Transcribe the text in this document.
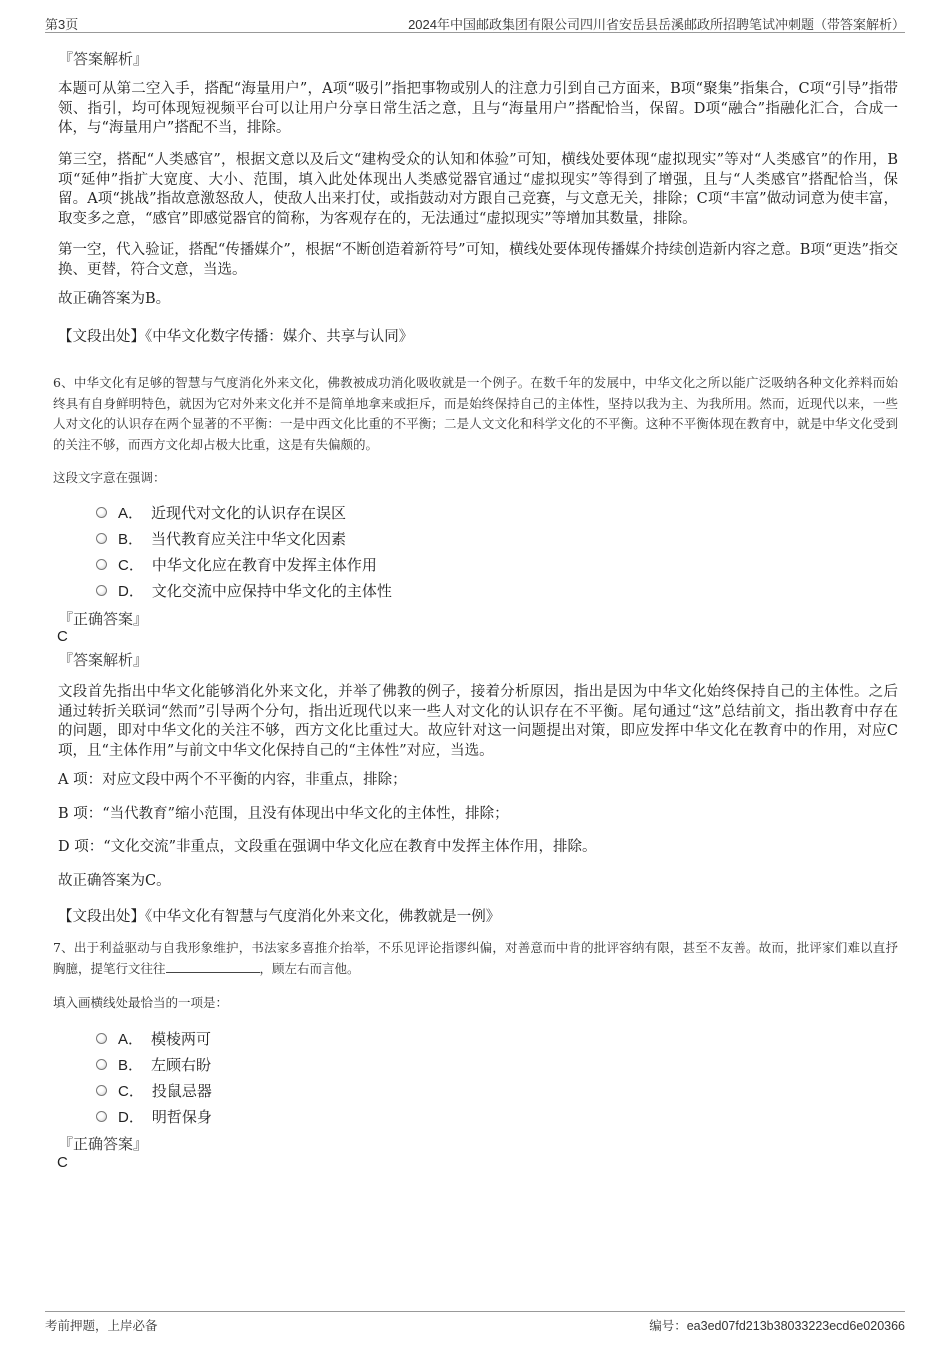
第3页	2024年中国邮政集团有限公司四川省安岳县岳溪邮政所招聘笔试冲刺题（带答案解析）
『答案解析』

本题可从第二空入手，搭配“海量用户”，A项“吸引”指把事物或别人的注意力引到自己方面来，B项“聚集”指集合，C项“引导”指带领、指引，均可体现短视频平台可以让用户分享日常生活之意，且与“海量用户”搭配恰当，保留。D项“融合”指融化汇合，合成一体，与“海量用户”搭配不当，排除。

第三空，搭配“人类感官”，根据文意以及后文“建构受众的认知和体验”可知，横线处要体现“虚拟现实”等对“人类感官”的作用，B项“延伸”指扩大宽度、大小、范围，填入此处体现出人类感觉器官通过“虚拟现实”等得到了增强，且与“人类感官”搭配恰当，保留。A项“挑战”指故意激怒敌人，使敌人出来打仗，或指鼓动对方跟自己竞赛，与文意无关，排除；C项“丰富”做动词意为使丰富，取变多之意，“感官”即感觉器官的简称，为客观存在的，无法通过“虚拟现实”等增加其数量，排除。

第一空，代入验证，搭配“传播媒介”，根据“不断创造着新符号”可知，横线处要体现传播媒介持续创造新内容之意。B项“更迭”指交换、更替，符合文意，当选。

故正确答案为B。

【文段出处】《中华文化数字传播：媒介、共享与认同》

6、中华文化有足够的智慧与气度消化外来文化，佛教被成功消化吸收就是一个例子。在数千年的发展中，中华文化之所以能广泛吸纳各种文化养料而始终具有自身鲜明特色，就因为它对外来文化并不是简单地拿来或拒斥，而是始终保持自己的主体性，坚持以我为主、为我所用。然而，近现代以来，一些人对文化的认识存在两个显著的不平衡：一是中西文化比重的不平衡；二是人文文化和科学文化的不平衡。这种不平衡体现在教育中，就是中华文化受到的关注不够，而西方文化却占极大比重，这是有失偏颇的。

这段文字意在强调：

A． 近现代对文化的认识存在误区
B． 当代教育应关注中华文化因素
C． 中华文化应在教育中发挥主体作用
D． 文化交流中应保持中华文化的主体性
『正确答案』
C
『答案解析』

文段首先指出中华文化能够消化外来文化，并举了佛教的例子，接着分析原因，指出是因为中华文化始终保持自己的主体性。之后通过转折关联词“然而”引导两个分句，指出近现代以来一些人对文化的认识存在不平衡。尾句通过“这”总结前文，指出教育中存在的问题，即对中华文化的关注不够，西方文化比重过大。故应针对这一问题提出对策，即应发挥中华文化在教育中的作用，对应C 项，且“主体作用”与前文中华文化保持自己的“主体性”对应，当选。

A 项：对应文段中两个不平衡的内容，非重点，排除；

B 项：“当代教育”缩小范围，且没有体现出中华文化的主体性，排除；

D 项：“文化交流”非重点，文段重在强调中华文化应在教育中发挥主体作用，排除。

故正确答案为C。

【文段出处】《中华文化有智慧与气度消化外来文化，佛教就是一例》

7、出于利益驱动与自我形象维护，书法家多喜推介抬举，不乐见评论指谬纠偏，对善意而中肯的批评容纳有限，甚至不友善。故而，批评家们难以直抒胸臆，提笔行文往往	，顾左右而言他。

填入画横线处最恰当的一项是：

A． 模棱两可
B． 左顾右盼
C． 投鼠忌器
D． 明哲保身
『正确答案』
C
考前押题，上岸必备	编号：ea3ed07fd213b38033223ecd6e020366
